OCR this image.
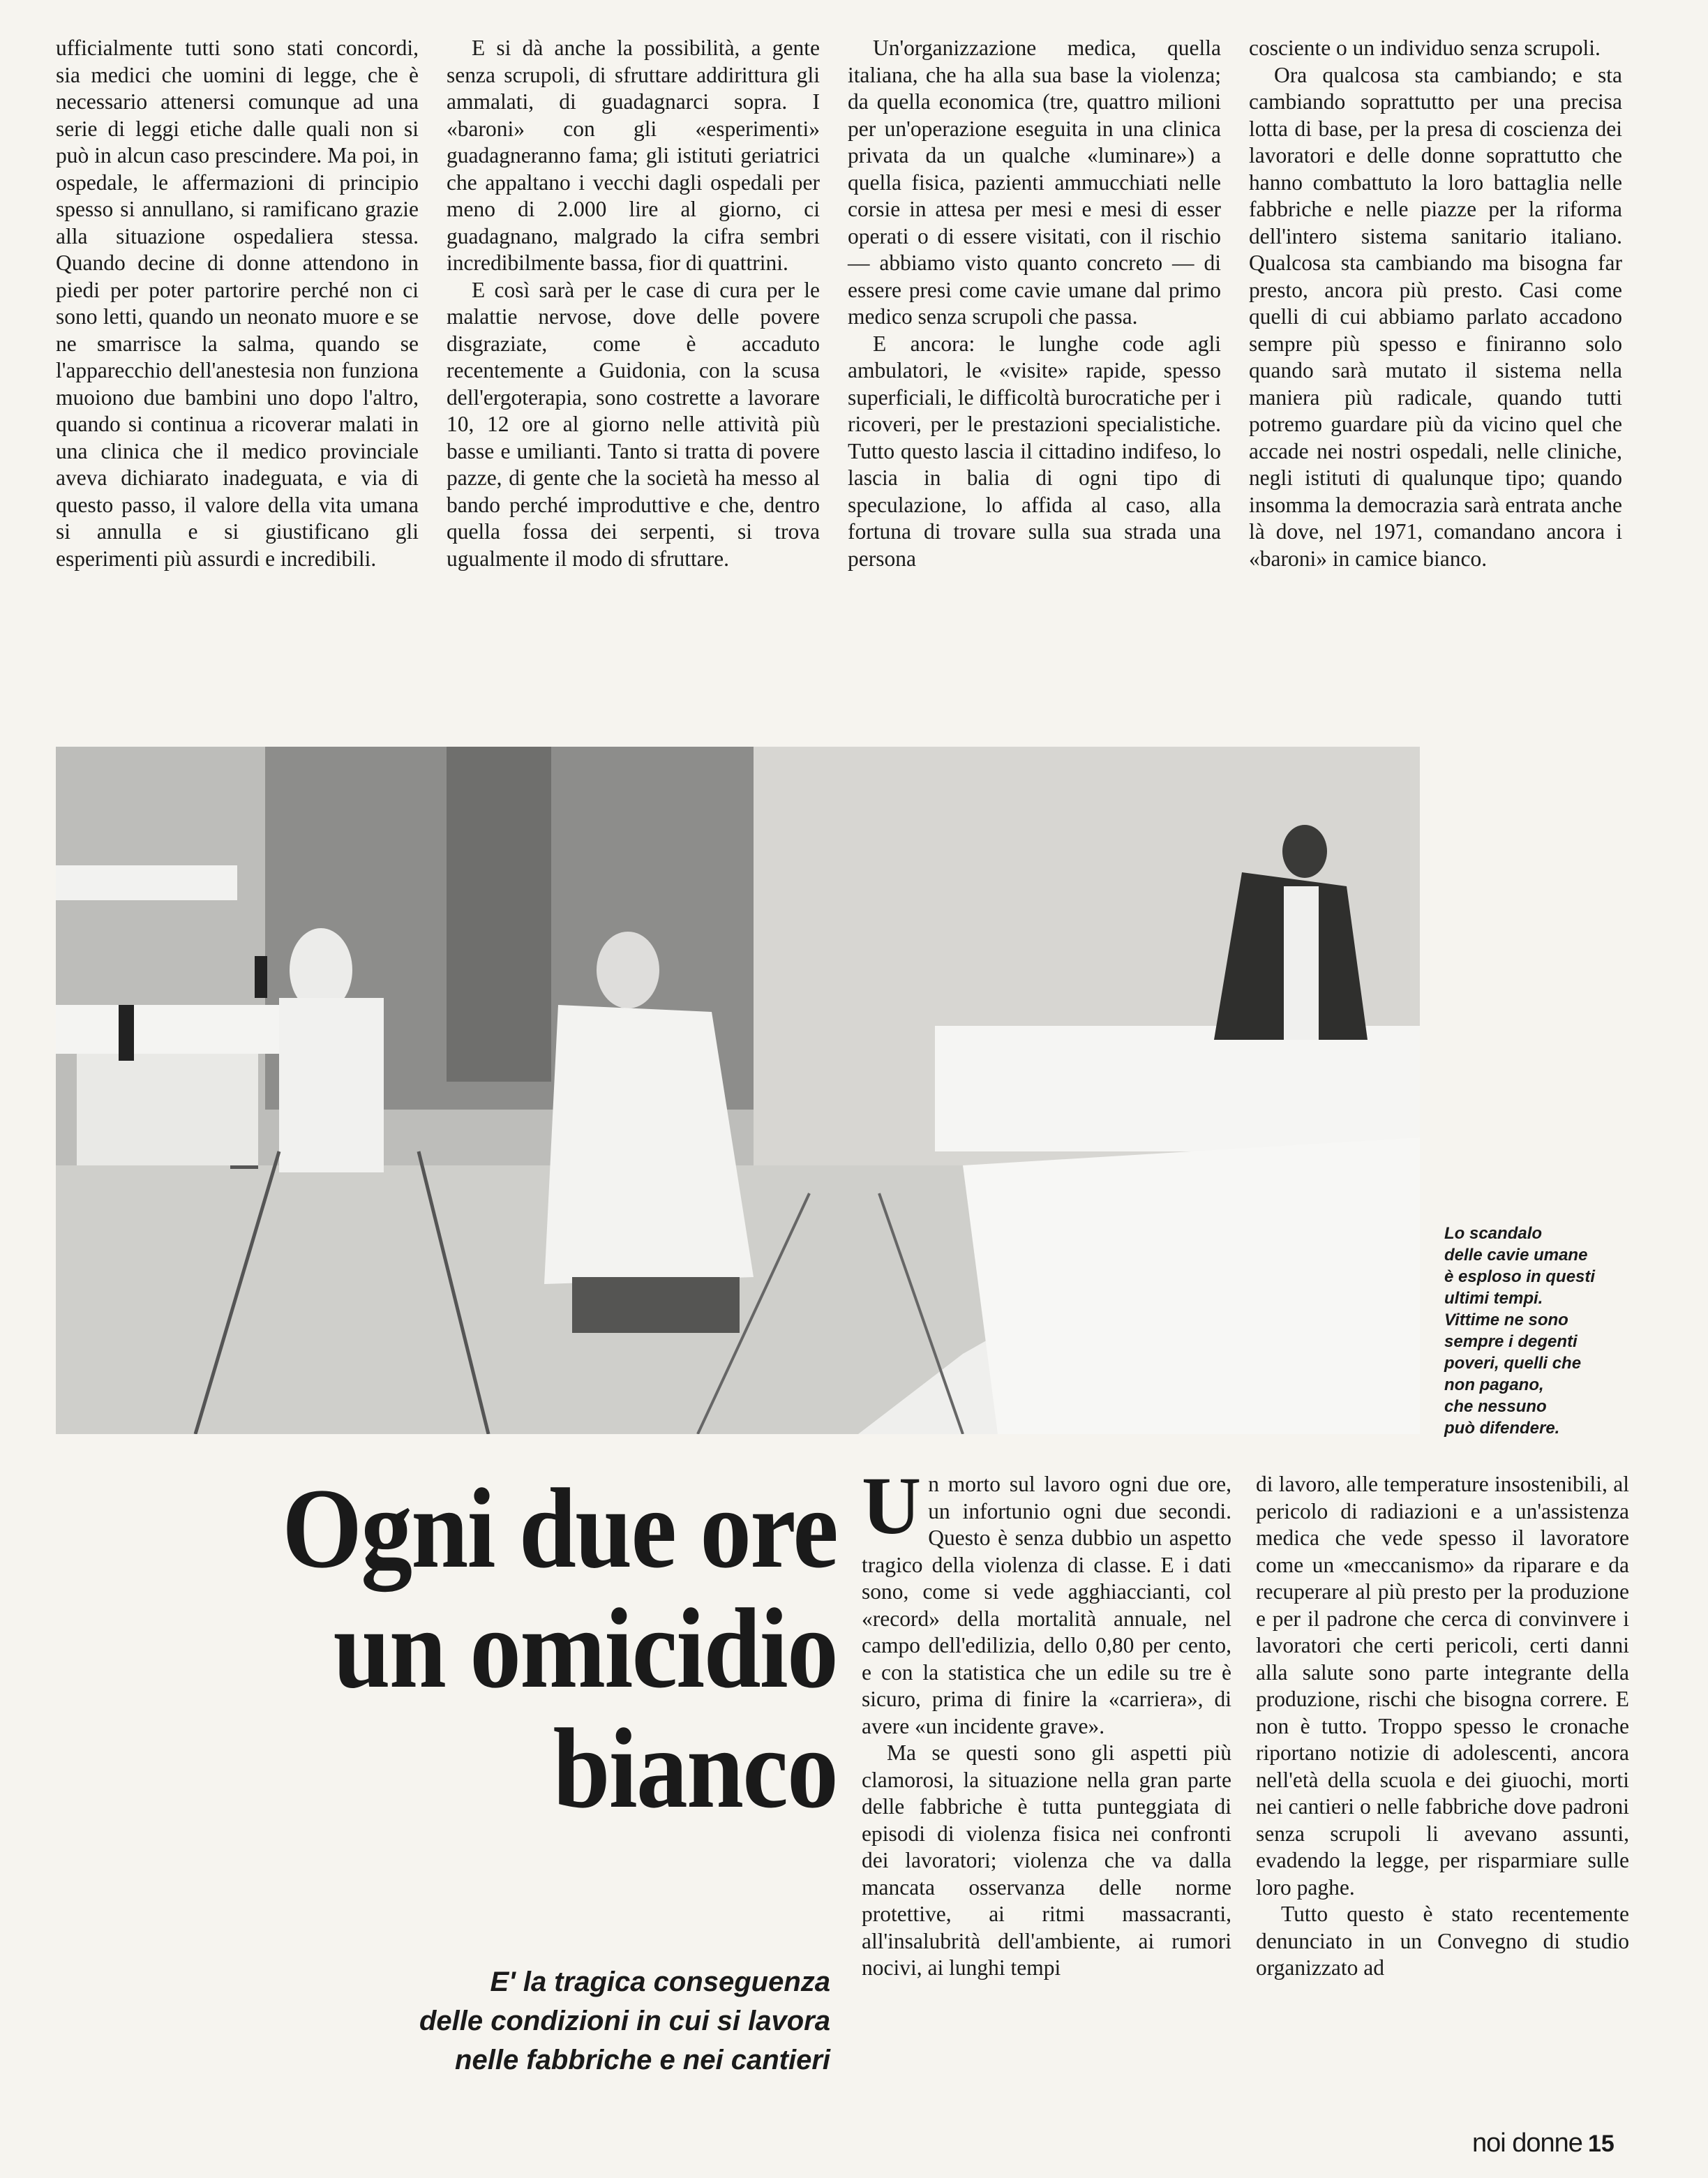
ufficialmente tutti sono stati concordi, sia medici che uomini di legge, che è necessario attenersi comunque ad una serie di leggi etiche dalle quali non si può in alcun caso prescindere. Ma poi, in ospedale, le affermazioni di principio spesso si annullano, si ramificano grazie alla situazione ospedaliera stessa. Quando decine di donne attendono in piedi per poter partorire perché non ci sono letti, quando un neonato muore e se ne smarrisce la salma, quando se l'apparecchio dell'anestesia non funziona muoiono due bambini uno dopo l'altro, quando si continua a ricoverar malati in una clinica che il medico provinciale aveva dichiarato inadeguata, e via di questo passo, il valore della vita umana si annulla e si giustificano gli esperimenti più assurdi e incredibili.

E si dà anche la possibilità, a gente senza scrupoli, di sfruttare addirittura gli ammalati, di guadagnarci sopra. I «baroni» con gli «esperimenti» guadagneranno fama; gli istituti geriatrici che appaltano i vecchi dagli ospedali per meno di 2.000 lire al giorno, ci guadagnano, malgrado la cifra sembri incredibilmente bassa, fior di quattrini.

E così sarà per le case di cura per le malattie nervose, dove delle povere disgraziate, come è accaduto recentemente a Guidonia, con la scusa dell'ergoterapia, sono costrette a lavorare 10, 12 ore al giorno nelle attività più basse e umilianti. Tanto si tratta di povere pazze, di gente che la società ha messo al bando perché improduttive e che, dentro quella fossa dei serpenti, si trova ugualmente il modo di sfruttare.

Un'organizzazione medica, quella italiana, che ha alla sua base la violenza; da quella economica (tre, quattro milioni per un'operazione eseguita in una clinica privata da un qualche «luminare») a quella fisica, pazienti ammucchiati nelle corsie in attesa per mesi e mesi di esser operati o di essere visitati, con il rischio — abbiamo visto quanto concreto — di essere presi come cavie umane dal primo medico senza scrupoli che passa.

E ancora: le lunghe code agli ambulatori, le «visite» rapide, spesso superficiali, le difficoltà burocratiche per i ricoveri, per le prestazioni specialistiche. Tutto questo lascia il cittadino indifeso, lo lascia in balia di ogni tipo di speculazione, lo affida al caso, alla fortuna di trovare sulla sua strada una persona

cosciente o un individuo senza scrupoli.

Ora qualcosa sta cambiando; e sta cambiando soprattutto per una precisa lotta di base, per la presa di coscienza dei lavoratori e delle donne soprattutto che hanno combattuto la loro battaglia nelle fabbriche e nelle piazze per la riforma dell'intero sistema sanitario italiano. Qualcosa sta cambiando ma bisogna far presto, ancora più presto. Casi come quelli di cui abbiamo parlato accadono sempre più spesso e finiranno solo quando sarà mutato il sistema nella maniera più radicale, quando tutti potremo guardare più da vicino quel che accade nei nostri ospedali, nelle cliniche, negli istituti di qualunque tipo; quando insomma la democrazia sarà entrata anche là dove, nel 1971, comandano ancora i «baroni» in camice bianco.

Lo scandalo
delle cavie umane
è esploso in questi
ultimi tempi.
Vittime ne sono
sempre i degenti
poveri, quelli che
non pagano,
che nessuno
può difendere.
Ogni due ore
un omicidio
bianco
E' la tragica conseguenza
delle condizioni in cui si lavora
nelle fabbriche e nei cantieri

Un morto sul lavoro ogni due ore, un infortunio ogni due secondi. Questo è senza dubbio un aspetto tragico della violenza di classe. E i dati sono, come si vede agghiaccianti, col «record» della mortalità annuale, nel campo dell'edilizia, dello 0,80 per cento, e con la statistica che un edile su tre è sicuro, prima di finire la «carriera», di avere «un incidente grave».

Ma se questi sono gli aspetti più clamorosi, la situazione nella gran parte delle fabbriche è tutta punteggiata di episodi di violenza fisica nei confronti dei lavoratori; violenza che va dalla mancata osservanza delle norme protettive, ai ritmi massacranti, all'insalubrità dell'ambiente, ai rumori nocivi, ai lunghi tempi

di lavoro, alle temperature insostenibili, al pericolo di radiazioni e a un'assistenza medica che vede spesso il lavoratore come un «meccanismo» da riparare e da recuperare al più presto per la produzione e per il padrone che cerca di convinvere i lavoratori che certi pericoli, certi danni alla salute sono parte integrante della produzione, rischi che bisogna correre. E non è tutto. Troppo spesso le cronache riportano notizie di adolescenti, ancora nell'età della scuola e dei giuochi, morti nei cantieri o nelle fabbriche dove padroni senza scrupoli li avevano assunti, evadendo la legge, per risparmiare sulle loro paghe.

Tutto questo è stato recentemente denunciato in un Convegno di studio organizzato ad

noi donne 15
